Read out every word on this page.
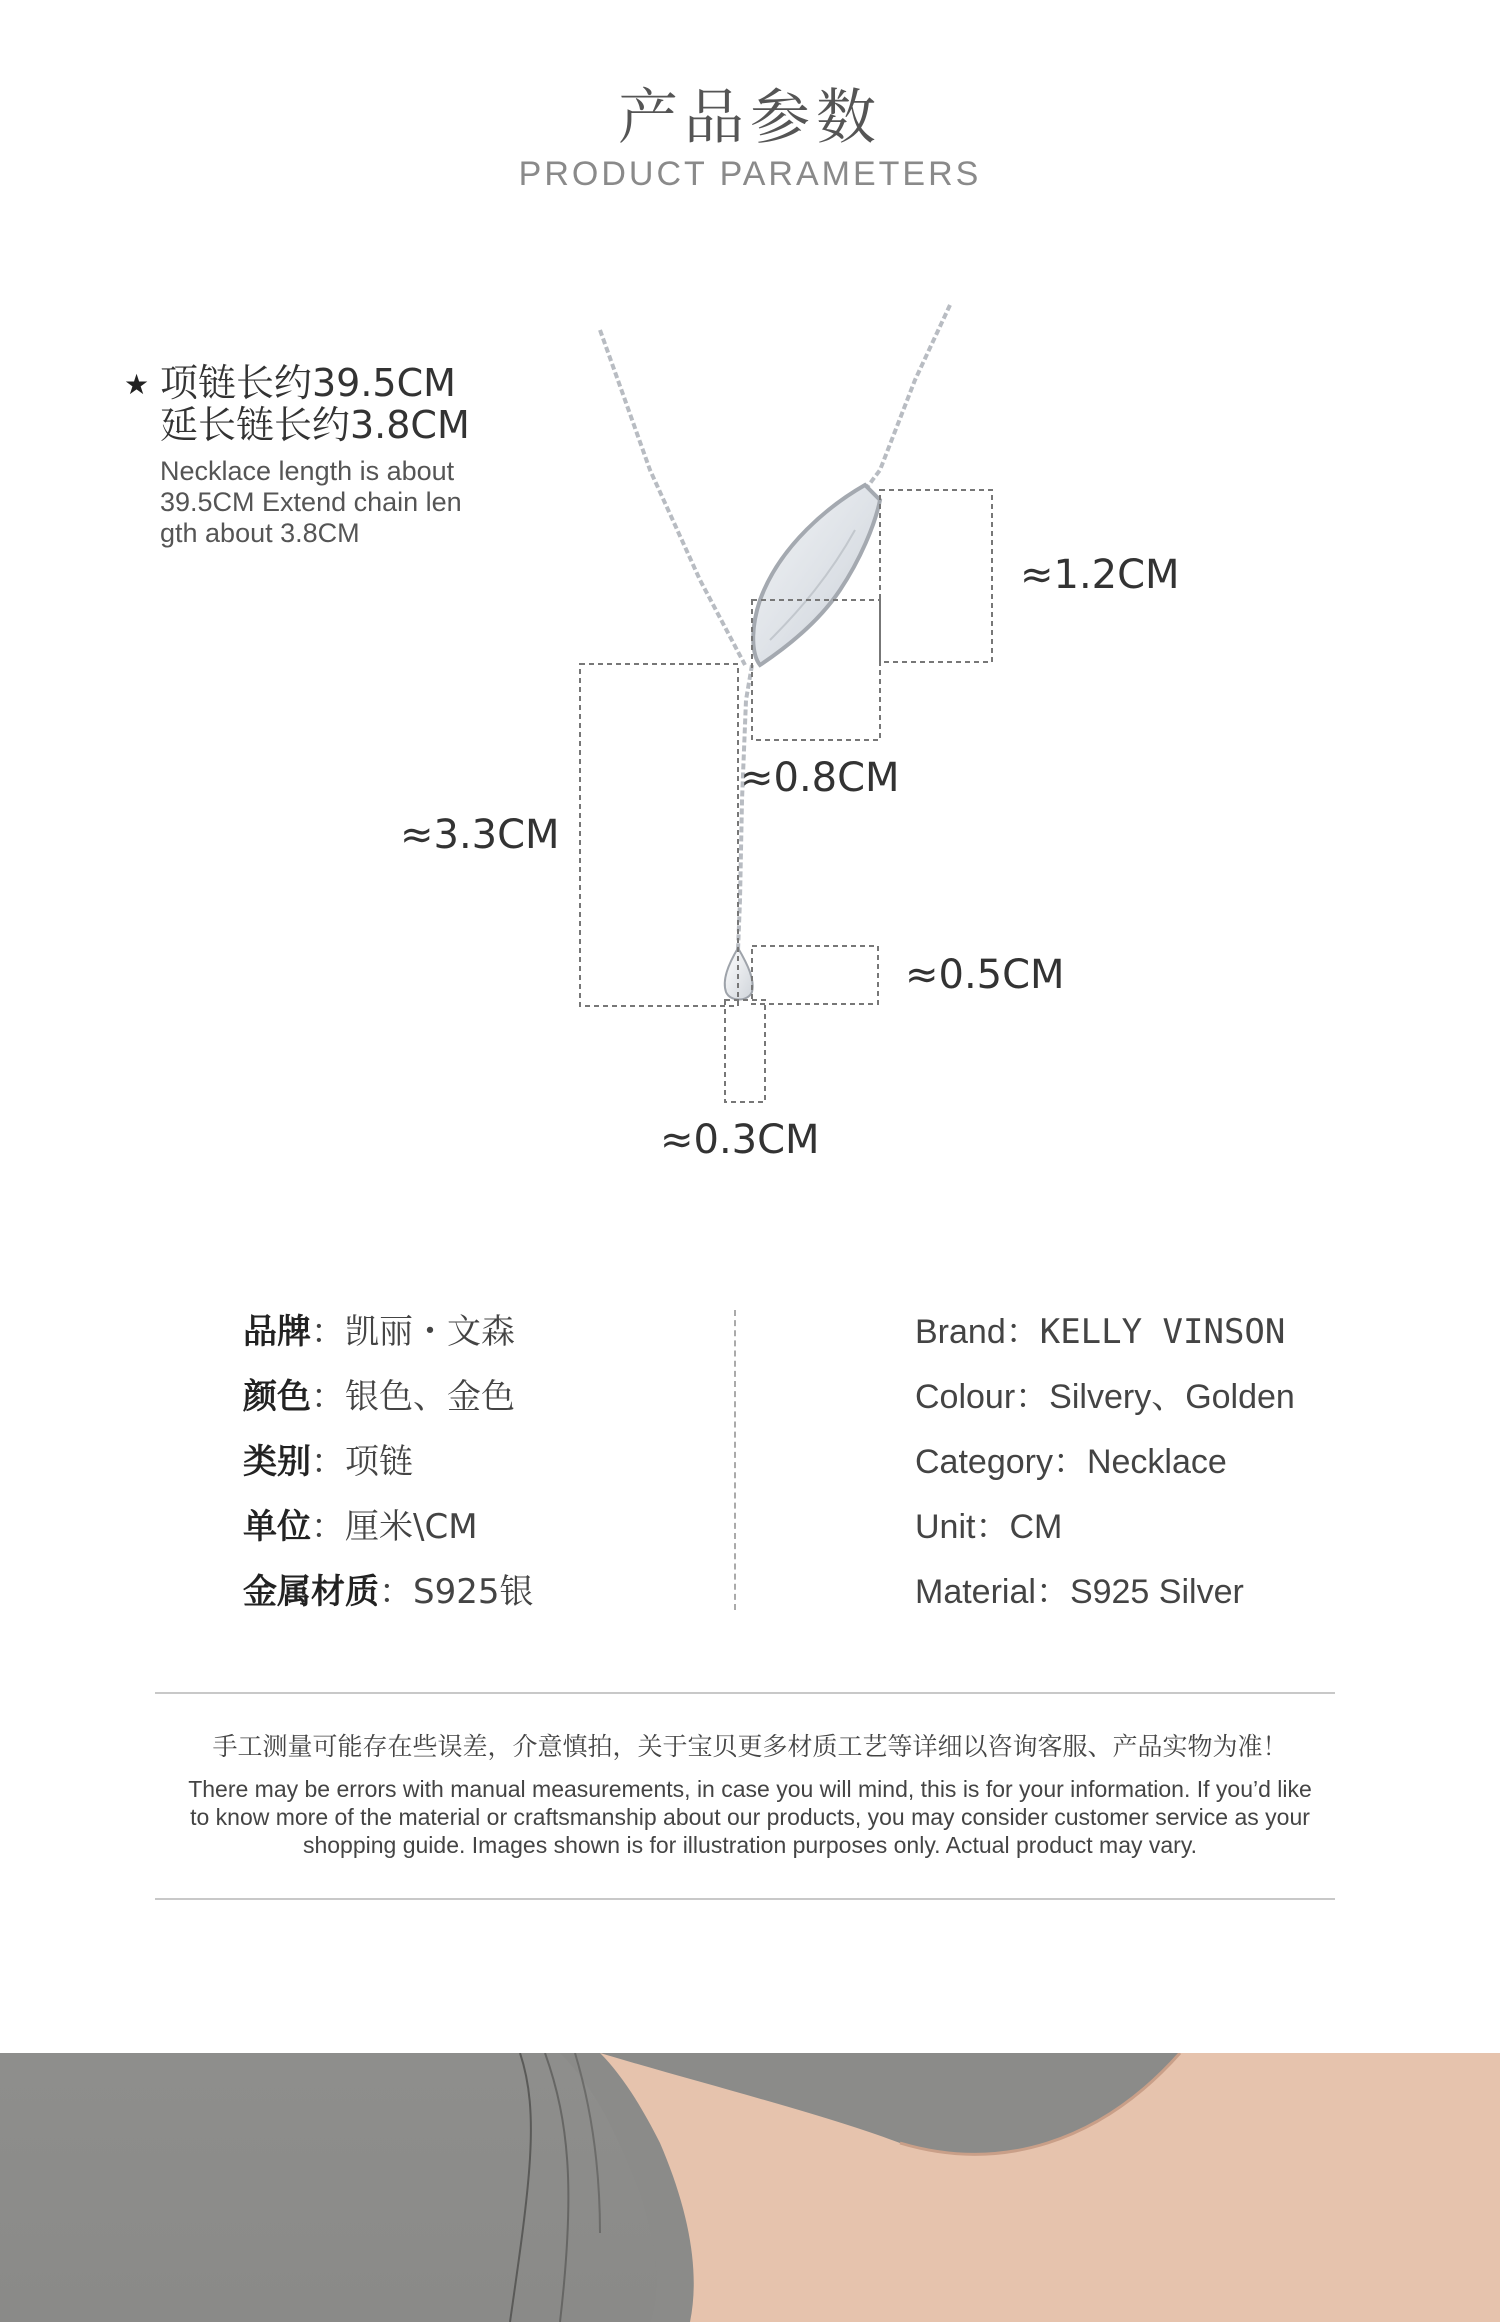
产品参数
PRODUCT PARAMETERS
★ 项链长约39.5CM
延长链长约3.8CM
Necklace length is about
39.5CM Extend chain len
gth about 3.8CM
≈1.2CM
≈0.8CM
≈3.3CM
≈0.5CM
≈0.3CM
品牌：凯丽・文森
颜色：银色、金色
类别：项链
单位：厘米\CM
金属材质：S925银
Brand：KELLY VINSON
Colour：Silvery、Golden
Category：Necklace
Unit：CM
Material：S925 Silver
手工测量可能存在些误差，介意慎拍，关于宝贝更多材质工艺等详细以咨询客服、产品实物为准！
There may be errors with manual measurements, in case you will mind, this is for your information. If you’d like to know more of the material or craftsmanship about our products, you may consider customer service as your shopping guide. Images shown is for illustration purposes only. Actual product may vary.
